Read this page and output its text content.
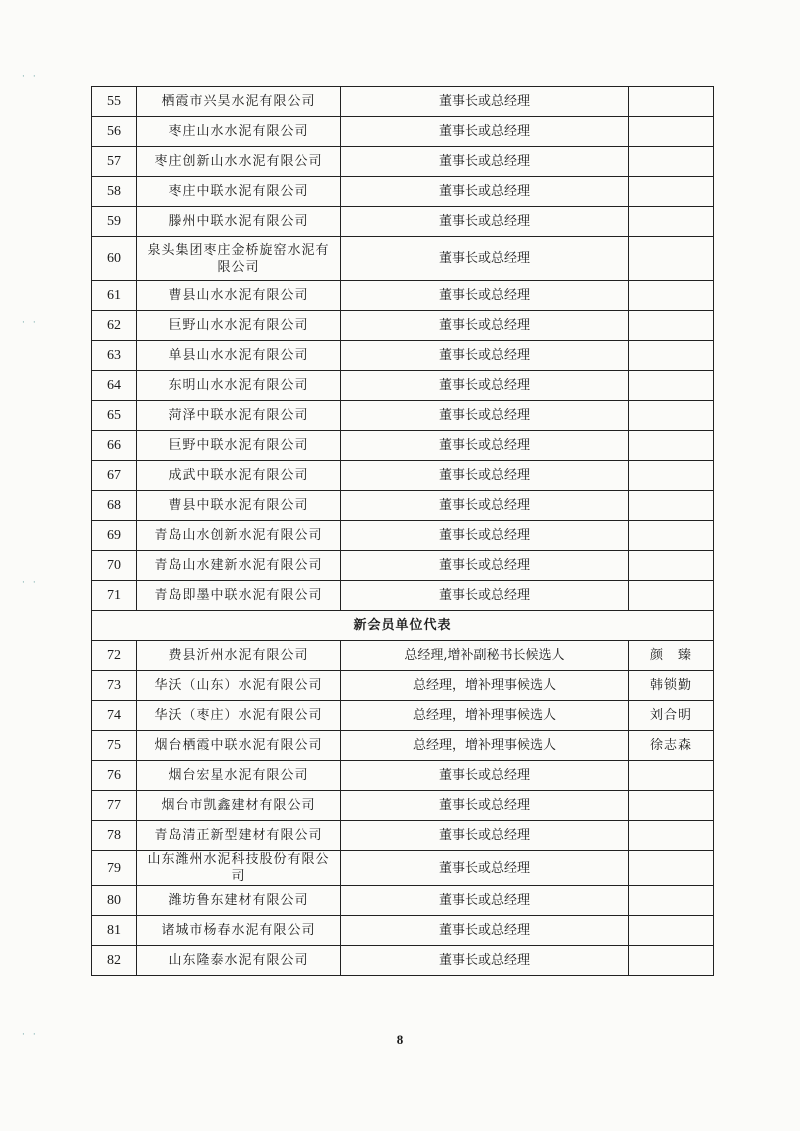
··
··
··
··
55	栖霞市兴昊水泥有限公司	董事长或总经理	
56	枣庄山水水泥有限公司	董事长或总经理	
57	枣庄创新山水水泥有限公司	董事长或总经理	
58	枣庄中联水泥有限公司	董事长或总经理	
59	滕州中联水泥有限公司	董事长或总经理	
60	泉头集团枣庄金桥旋窑水泥有限公司	董事长或总经理	
61	曹县山水水泥有限公司	董事长或总经理	
62	巨野山水水泥有限公司	董事长或总经理	
63	单县山水水泥有限公司	董事长或总经理	
64	东明山水水泥有限公司	董事长或总经理	
65	菏泽中联水泥有限公司	董事长或总经理	
66	巨野中联水泥有限公司	董事长或总经理	
67	成武中联水泥有限公司	董事长或总经理	
68	曹县中联水泥有限公司	董事长或总经理	
69	青岛山水创新水泥有限公司	董事长或总经理	
70	青岛山水建新水泥有限公司	董事长或总经理	
71	青岛即墨中联水泥有限公司	董事长或总经理	
新会员单位代表			
72	费县沂州水泥有限公司	总经理,增补副秘书长候选人	颜　臻
73	华沃（山东）水泥有限公司	总经理，增补理事候选人	韩锁勤
74	华沃（枣庄）水泥有限公司	总经理，增补理事候选人	刘合明
75	烟台栖霞中联水泥有限公司	总经理，增补理事候选人	徐志森
76	烟台宏星水泥有限公司	董事长或总经理	
77	烟台市凯鑫建材有限公司	董事长或总经理	
78	青岛清正新型建材有限公司	董事长或总经理	
79	山东潍州水泥科技股份有限公司	董事长或总经理	
80	潍坊鲁东建材有限公司	董事长或总经理	
81	诸城市杨春水泥有限公司	董事长或总经理	
82	山东隆泰水泥有限公司	董事长或总经理	
8
